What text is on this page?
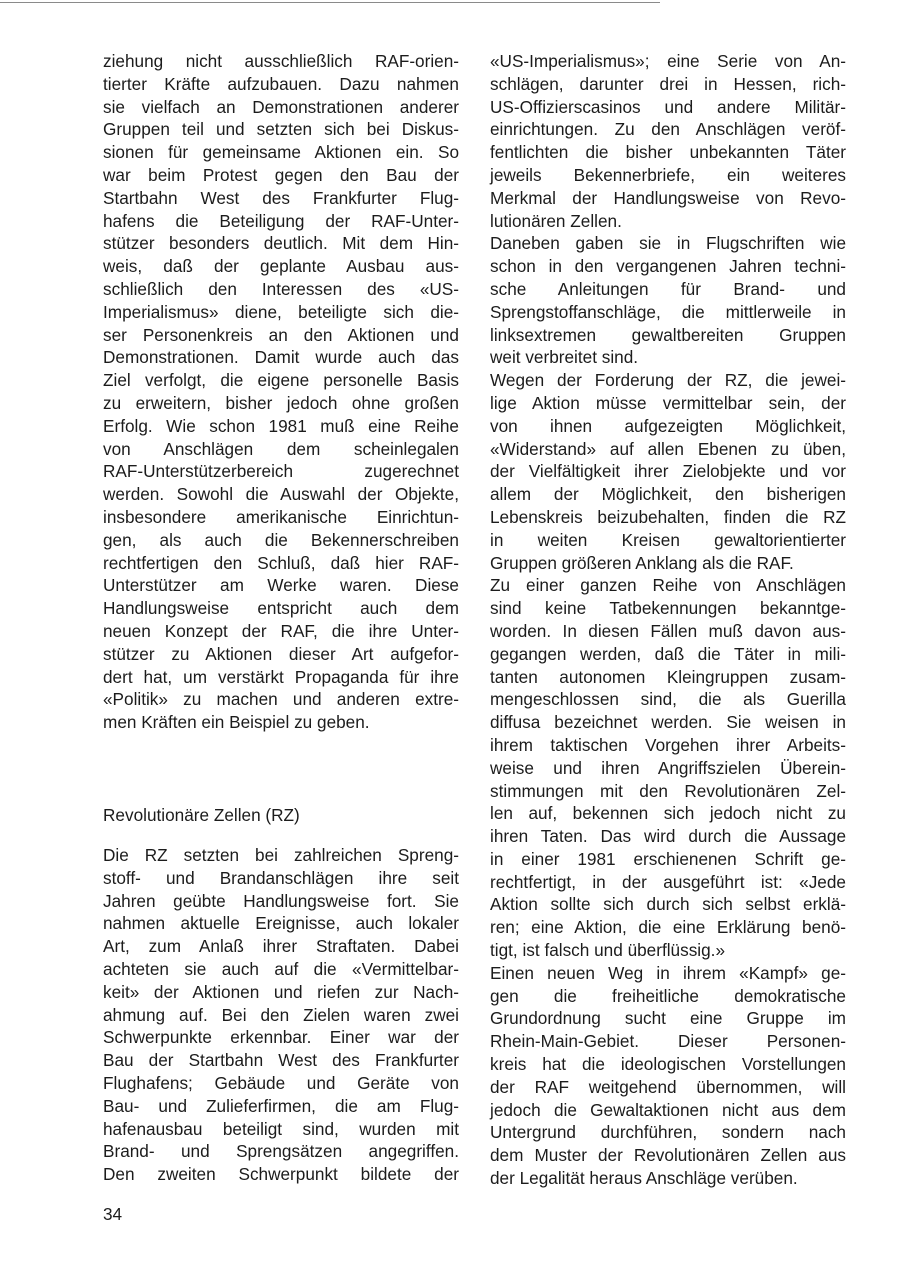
ziehung nicht ausschließlich RAF-orien-
tierter Kräfte aufzubauen. Dazu nahmen
sie vielfach an Demonstrationen anderer
Gruppen teil und setzten sich bei Diskus-
sionen für gemeinsame Aktionen ein. So
war beim Protest gegen den Bau der
Startbahn West des Frankfurter Flug-
hafens die Beteiligung der RAF-Unter-
stützer besonders deutlich. Mit dem Hin-
weis, daß der geplante Ausbau aus-
schließlich den Interessen des «US-
Imperialismus» diene, beteiligte sich die-
ser Personenkreis an den Aktionen und
Demonstrationen. Damit wurde auch das
Ziel verfolgt, die eigene personelle Basis
zu erweitern, bisher jedoch ohne großen
Erfolg. Wie schon 1981 muß eine Reihe
von Anschlägen dem scheinlegalen
RAF-Unterstützerbereich zugerechnet
werden. Sowohl die Auswahl der Objekte,
insbesondere amerikanische Einrichtun-
gen, als auch die Bekennerschreiben
rechtfertigen den Schluß, daß hier RAF-
Unterstützer am Werke waren. Diese
Handlungsweise entspricht auch dem
neuen Konzept der RAF, die ihre Unter-
stützer zu Aktionen dieser Art aufgefor-
dert hat, um verstärkt Propaganda für ihre
«Politik» zu machen und anderen extre-
men Kräften ein Beispiel zu geben.

Revolutionäre Zellen (RZ)

Die RZ setzten bei zahlreichen Spreng-
stoff- und Brandanschlägen ihre seit
Jahren geübte Handlungsweise fort. Sie
nahmen aktuelle Ereignisse, auch lokaler
Art, zum Anlaß ihrer Straftaten. Dabei
achteten sie auch auf die «Vermittelbar-
keit» der Aktionen und riefen zur Nach-
ahmung auf. Bei den Zielen waren zwei
Schwerpunkte erkennbar. Einer war der
Bau der Startbahn West des Frankfurter
Flughafens; Gebäude und Geräte von
Bau- und Zulieferfirmen, die am Flug-
hafenausbau beteiligt sind, wurden mit
Brand- und Sprengsätzen angegriffen.
Den zweiten Schwerpunkt bildete der

«US-Imperialismus»; eine Serie von An-
schlägen, darunter drei in Hessen, rich-
US-Offizierscasinos und andere Militär-
einrichtungen. Zu den Anschlägen veröf-
fentlichten die bisher unbekannten Täter
jeweils Bekennerbriefe, ein weiteres
Merkmal der Handlungsweise von Revo-
lutionären Zellen.

Daneben gaben sie in Flugschriften wie
schon in den vergangenen Jahren techni-
sche Anleitungen für Brand- und
Sprengstoffanschläge, die mittlerweile in
linksextremen gewaltbereiten Gruppen
weit verbreitet sind.

Wegen der Forderung der RZ, die jewei-
lige Aktion müsse vermittelbar sein, der
von ihnen aufgezeigten Möglichkeit,
«Widerstand» auf allen Ebenen zu üben,
der Vielfältigkeit ihrer Zielobjekte und vor
allem der Möglichkeit, den bisherigen
Lebenskreis beizubehalten, finden die RZ
in weiten Kreisen gewaltorientierter
Gruppen größeren Anklang als die RAF.

Zu einer ganzen Reihe von Anschlägen
sind keine Tatbekennungen bekanntge-
worden. In diesen Fällen muß davon aus-
gegangen werden, daß die Täter in mili-
tanten autonomen Kleingruppen zusam-
mengeschlossen sind, die als Guerilla
diffusa bezeichnet werden. Sie weisen in
ihrem taktischen Vorgehen ihrer Arbeits-
weise und ihren Angriffszielen Überein-
stimmungen mit den Revolutionären Zel-
len auf, bekennen sich jedoch nicht zu
ihren Taten. Das wird durch die Aussage
in einer 1981 erschienenen Schrift ge-
rechtfertigt, in der ausgeführt ist: «Jede
Aktion sollte sich durch sich selbst erklä-
ren; eine Aktion, die eine Erklärung benö-
tigt, ist falsch und überflüssig.»

Einen neuen Weg in ihrem «Kampf» ge-
gen die freiheitliche demokratische
Grundordnung sucht eine Gruppe im
Rhein-Main-Gebiet. Dieser Personen-
kreis hat die ideologischen Vorstellungen
der RAF weitgehend übernommen, will
jedoch die Gewaltaktionen nicht aus dem
Untergrund durchführen, sondern nach
dem Muster der Revolutionären Zellen aus
der Legalität heraus Anschläge verüben.

34
